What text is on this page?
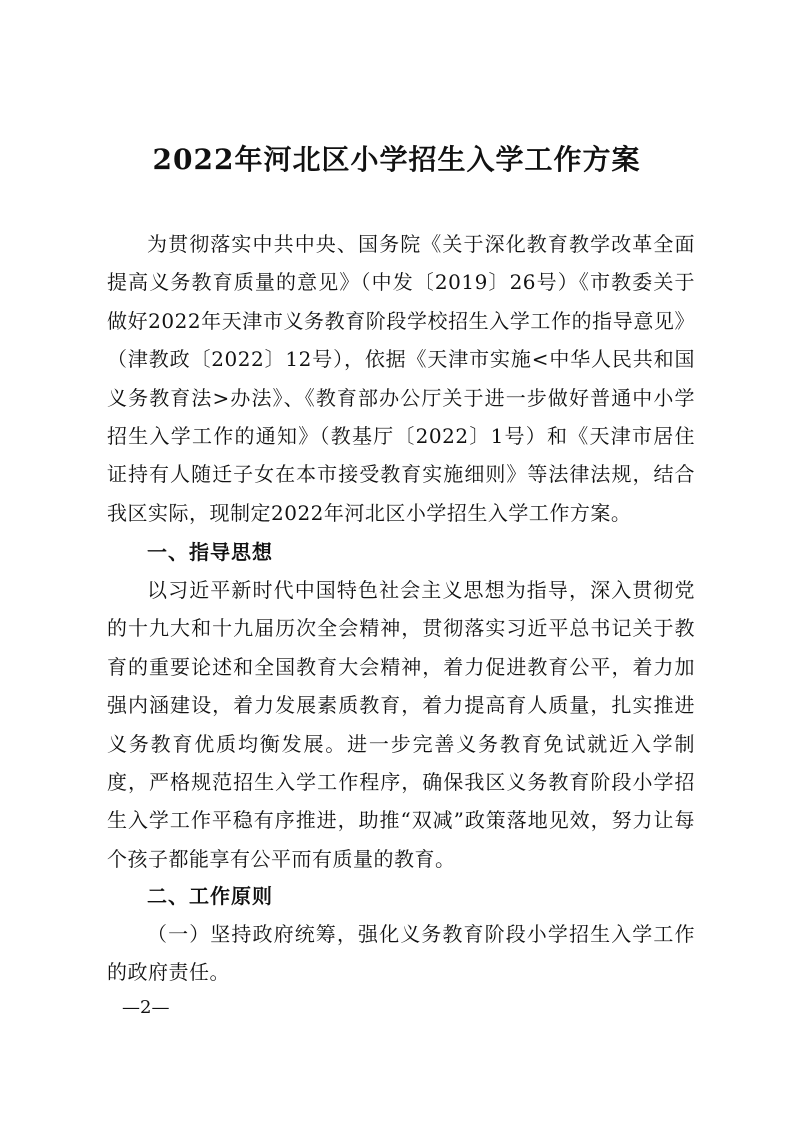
2022年河北区小学招生入学工作方案

为贯彻落实中共中央、国务院《关于深化教育教学改革全面提高义务教育质量的意见》（中发〔2019〕26号）《市教委关于做好2022年天津市义务教育阶段学校招生入学工作的指导意见》（津教政〔2022〕12号），依据《天津市实施<中华人民共和国义务教育法>办法》、《教育部办公厅关于进一步做好普通中小学招生入学工作的通知》（教基厅〔2022〕1号）和《天津市居住证持有人随迁子女在本市接受教育实施细则》等法律法规，结合我区实际，现制定2022年河北区小学招生入学工作方案。

一、指导思想

以习近平新时代中国特色社会主义思想为指导，深入贯彻党的十九大和十九届历次全会精神，贯彻落实习近平总书记关于教育的重要论述和全国教育大会精神，着力促进教育公平，着力加强内涵建设，着力发展素质教育，着力提高育人质量，扎实推进义务教育优质均衡发展。进一步完善义务教育免试就近入学制度，严格规范招生入学工作程序，确保我区义务教育阶段小学招生入学工作平稳有序推进，助推“双减”政策落地见效，努力让每个孩子都能享有公平而有质量的教育。

二、工作原则

（一）坚持政府统筹，强化义务教育阶段小学招生入学工作的政府责任。

—2—
